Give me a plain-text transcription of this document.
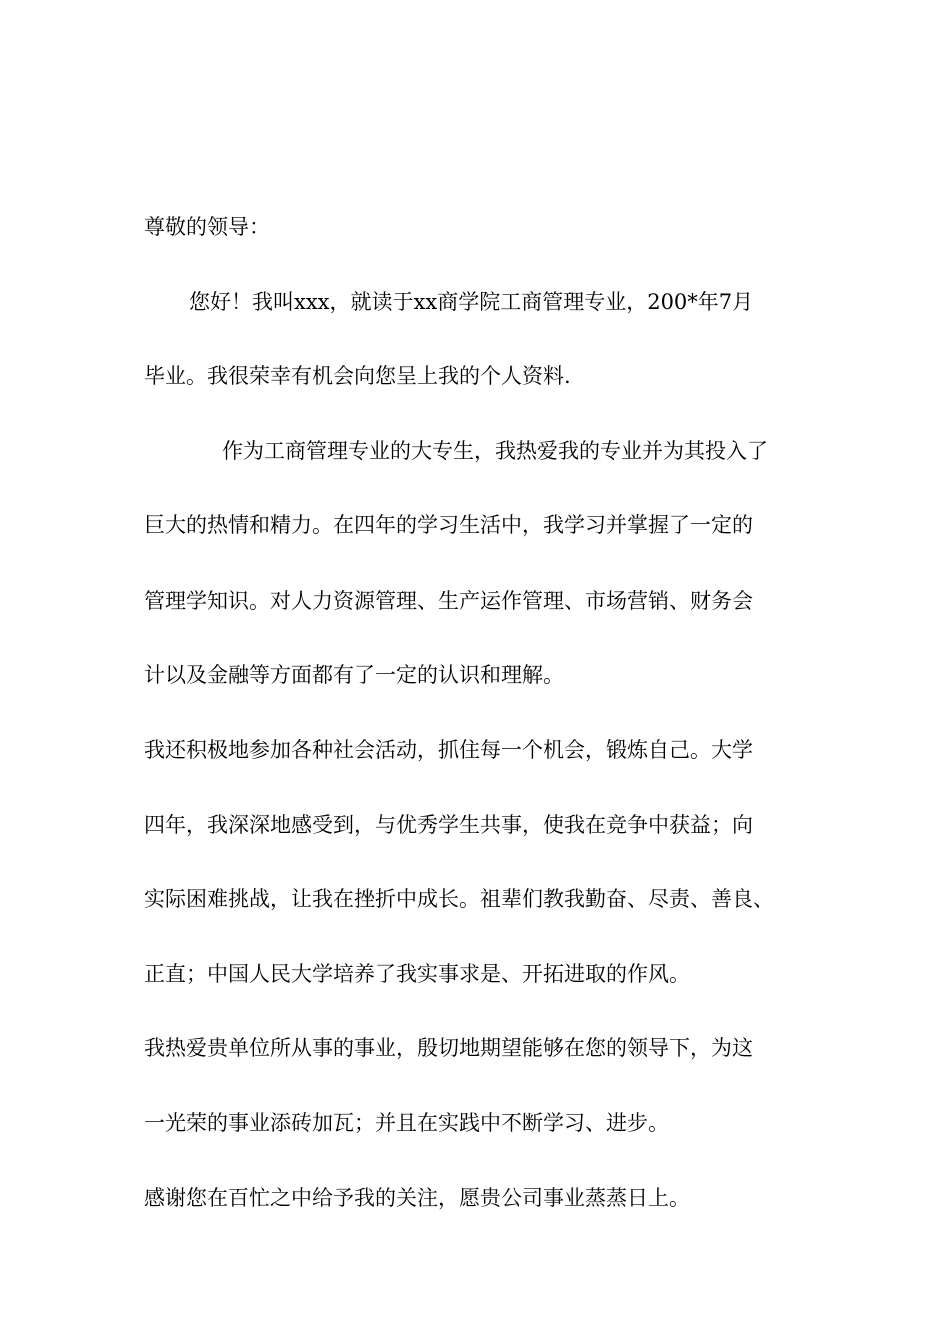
尊敬的领导：

您好！我叫xxx，就读于xx商学院工商管理专业，200*年7月

毕业。我很荣幸有机会向您呈上我的个人资料.

作为工商管理专业的大专生，我热爱我的专业并为其投入了

巨大的热情和精力。在四年的学习生活中，我学习并掌握了一定的

管理学知识。对人力资源管理、生产运作管理、市场营销、财务会

计以及金融等方面都有了一定的认识和理解。

我还积极地参加各种社会活动，抓住每一个机会，锻炼自己。大学

四年，我深深地感受到，与优秀学生共事，使我在竞争中获益；向

实际困难挑战，让我在挫折中成长。祖辈们教我勤奋、尽责、善良、

正直；中国人民大学培养了我实事求是、开拓进取的作风。

我热爱贵单位所从事的事业，殷切地期望能够在您的领导下，为这

一光荣的事业添砖加瓦；并且在实践中不断学习、进步。

感谢您在百忙之中给予我的关注，愿贵公司事业蒸蒸日上。
